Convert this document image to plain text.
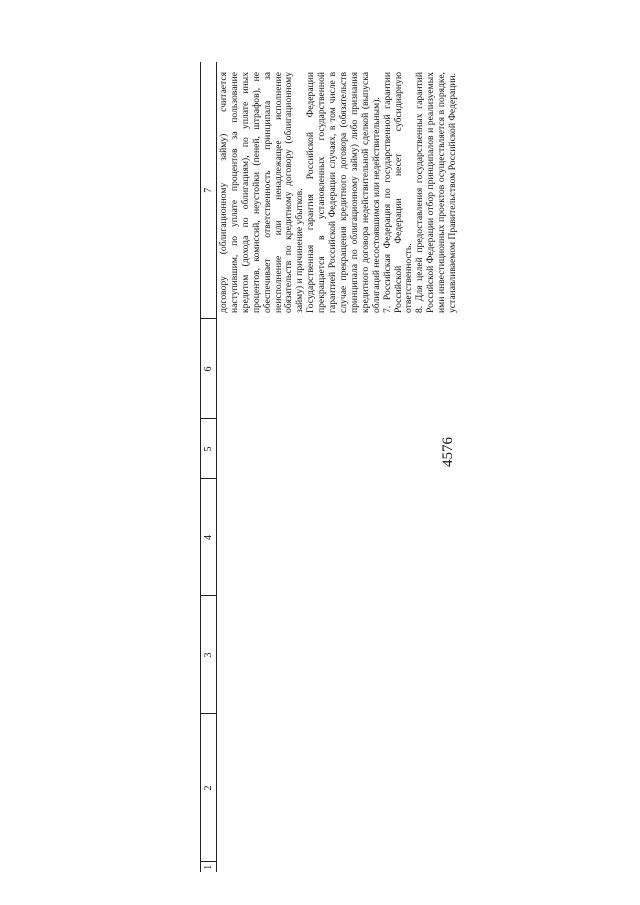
4576
1	2	3	4	5	6	7

						договору (облигационному займу) считается наступившим, по уплате процентов за пользование кредитом (дохода по облигациям), по уплате иных процентов, комиссий, неустойки (пеней, штрафов), не обеспечивает ответственность принципала за неисполнение или ненадлежащее исполнение обязательств по кредитному договору (облигационному займу) и причинение убытков. Государственная гарантия Российской Федерации прекращается в установленных государственной гарантией Российской Федерации случаях, в том числе в случае прекращения кредитного договора (обязательств принципала по облигационному займу) либо признания кредитного договора недействительной сделкой (выпуска облигаций несостоявшимся или недействительным). 7. Российская Федерация по государственной гарантии Российской Федерации несет субсидиарную ответственность. 8. Для целей предоставления государственных гарантий Российской Федерации отбор принципалов и реализуемых ими инвестиционных проектов осуществляется в порядке, устанавливаемом Правительством Российской Федерации.
